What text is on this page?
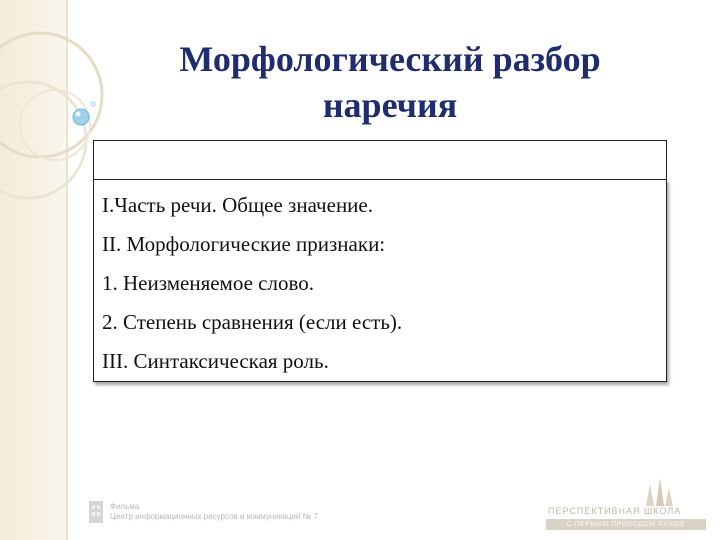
Морфологический разбор
наречия
I.Часть речи. Общее значение.
II. Морфологические признаки:
1. Неизменяемое слово.
2. Степень сравнения (если есть).
III. Синтаксическая роль.
Фильма
Центр информационных ресурсов и коммуникаций № 7
ПЕРСПЕКТИВНАЯ ШКОЛА
С ПЕРВЫМ ПРИХОДОМ ЛУЧШЕ
